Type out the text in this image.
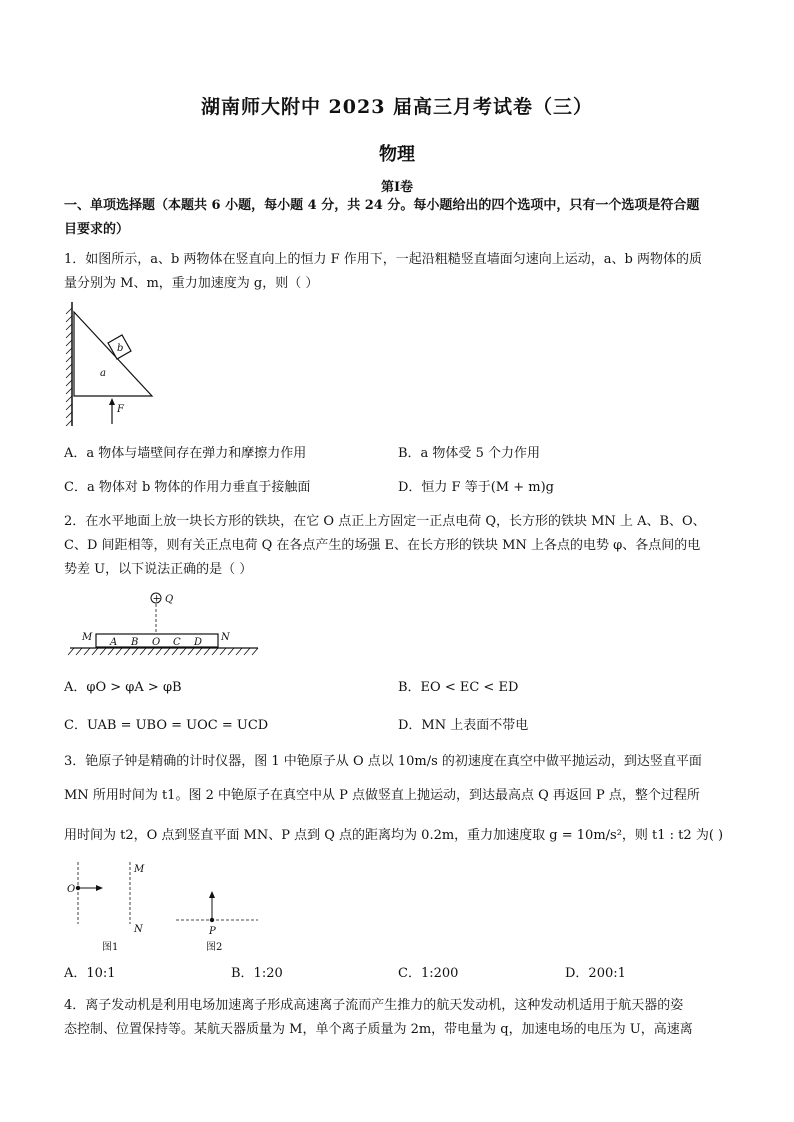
湖南师大附中 2023 届高三月考试卷（三）
物理
第Ⅰ卷
一、单项选择题（本题共 6 小题，每小题 4 分，共 24 分。每小题给出的四个选项中，只有一个选项是符合题
目要求的）
1．如图所示，a、b 两物体在竖直向上的恒力 F 作用下，一起沿粗糙竖直墙面匀速向上运动，a、b 两物体的质
量分别为 M、m，重力加速度为 g，则（ ）
b
a
F
A．a 物体与墙壁间存在弹力和摩擦力作用	B．a 物体受 5 个力作用
C．a 物体对 b 物体的作用力垂直于接触面	D．恒力 F 等于(M + m)g
2．在水平地面上放一块长方形的铁块，在它 O 点正上方固定一正点电荷 Q，长方形的铁块 MN 上 A、B、O、
C、D 间距相等，则有关正点电荷 Q 在各点产生的场强 E、在长方形的铁块 MN 上各点的电势 φ、各点间的电
势差 U，以下说法正确的是（ ）
+ Q
M A B O C D N
A．φO > φA > φB	B．EO < EC < ED
C．UAB = UBO = UOC = UCD	D．MN 上表面不带电
3．铯原子钟是精确的计时仪器，图 1 中铯原子从 O 点以 10m/s 的初速度在真空中做平抛运动，到达竖直平面
MN 所用时间为 t1。图 2 中铯原子在真空中从 P 点做竖直上抛运动，到达最高点 Q 再返回 P 点，整个过程所
用时间为 t2，O 点到竖直平面 MN、P 点到 Q 点的距离均为 0.2m，重力加速度取 g = 10m/s²，则 t1 : t2 为( )
O
M
N	P
图1	图2
A．10:1	B．1:20	C．1:200	D．200:1
4．离子发动机是利用电场加速离子形成高速离子流而产生推力的航天发动机，这种发动机适用于航天器的姿
态控制、位置保持等。某航天器质量为 M，单个离子质量为 2m，带电量为 q，加速电场的电压为 U，高速离
